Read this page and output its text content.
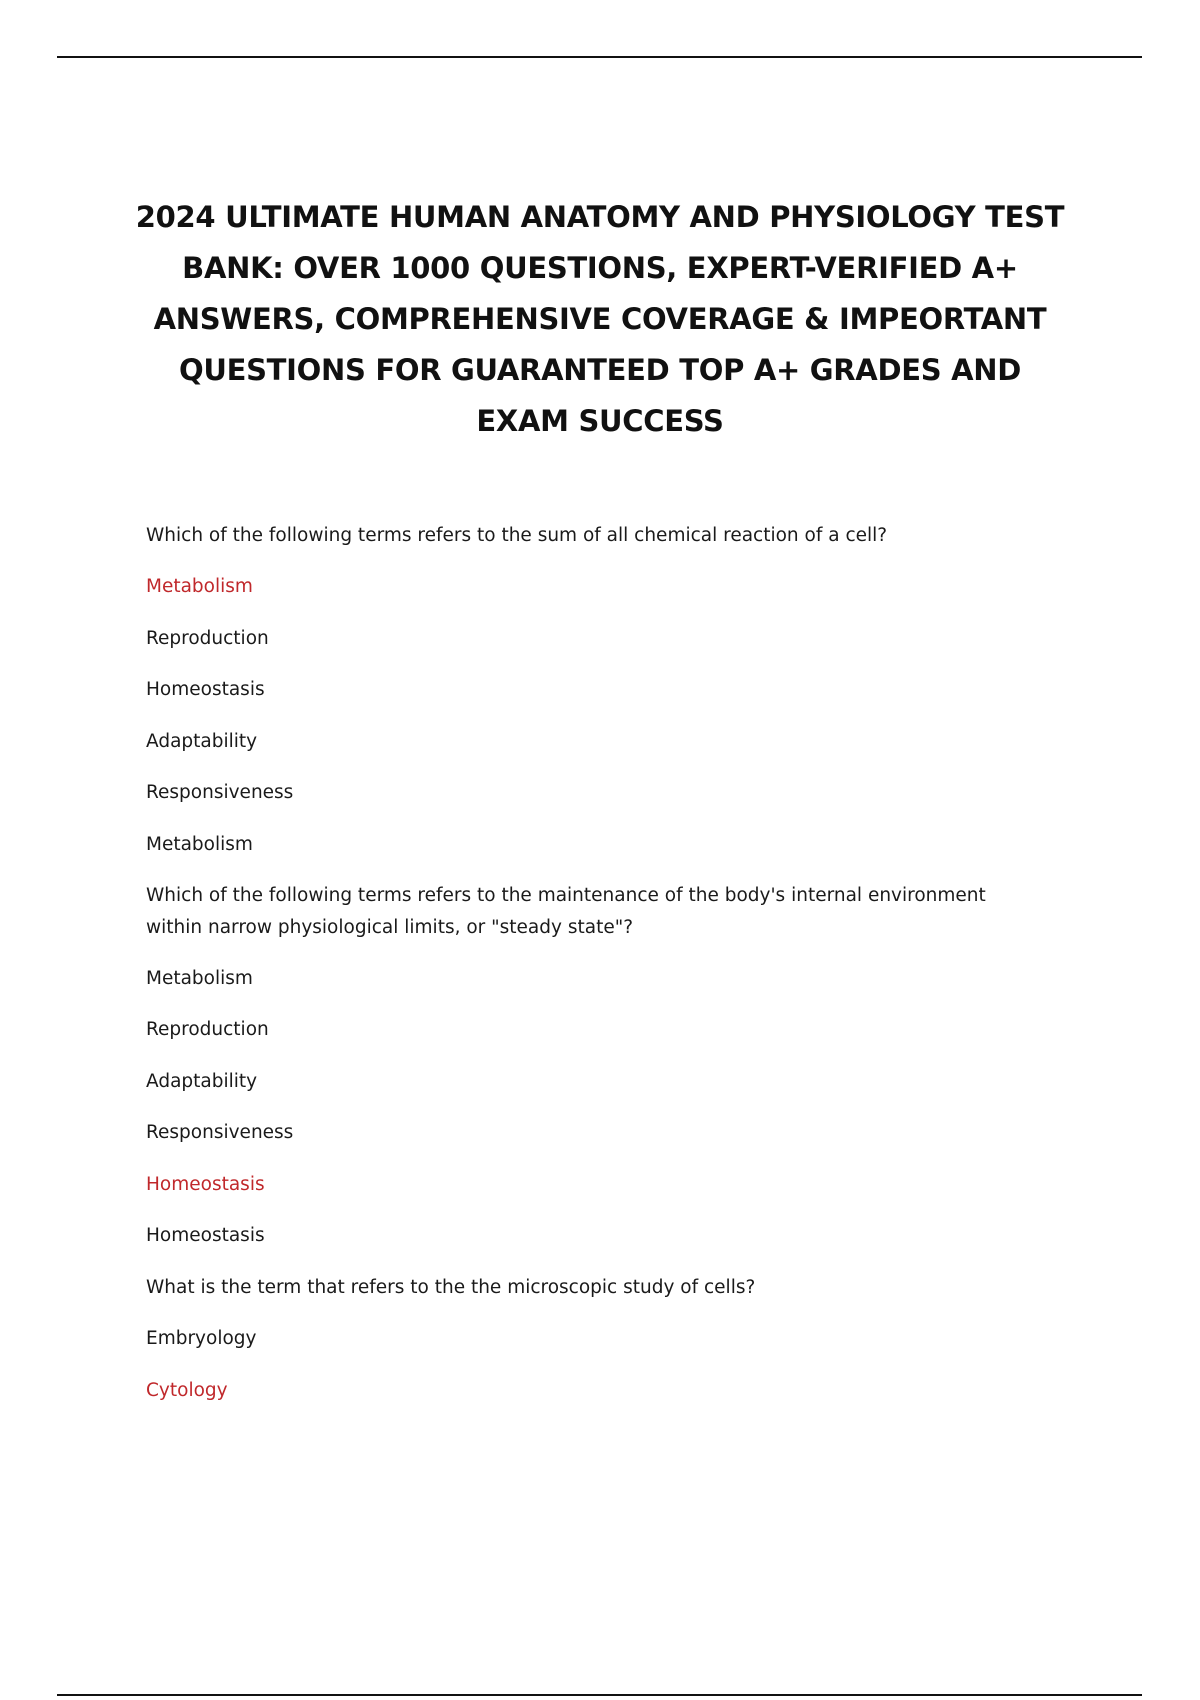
2024 ULTIMATE HUMAN ANATOMY AND PHYSIOLOGY TEST BANK: OVER 1000 QUESTIONS, EXPERT-VERIFIED A+ ANSWERS, COMPREHENSIVE COVERAGE & IMPEORTANT QUESTIONS FOR GUARANTEED TOP A+ GRADES AND EXAM SUCCESS

Which of the following terms refers to the sum of all chemical reaction of a cell?

Metabolism

Reproduction

Homeostasis

Adaptability

Responsiveness

Metabolism

Which of the following terms refers to the maintenance of the body's internal environment within narrow physiological limits, or "steady state"?

Metabolism

Reproduction

Adaptability

Responsiveness

Homeostasis

Homeostasis

What is the term that refers to the the microscopic study of cells?

Embryology

Cytology
